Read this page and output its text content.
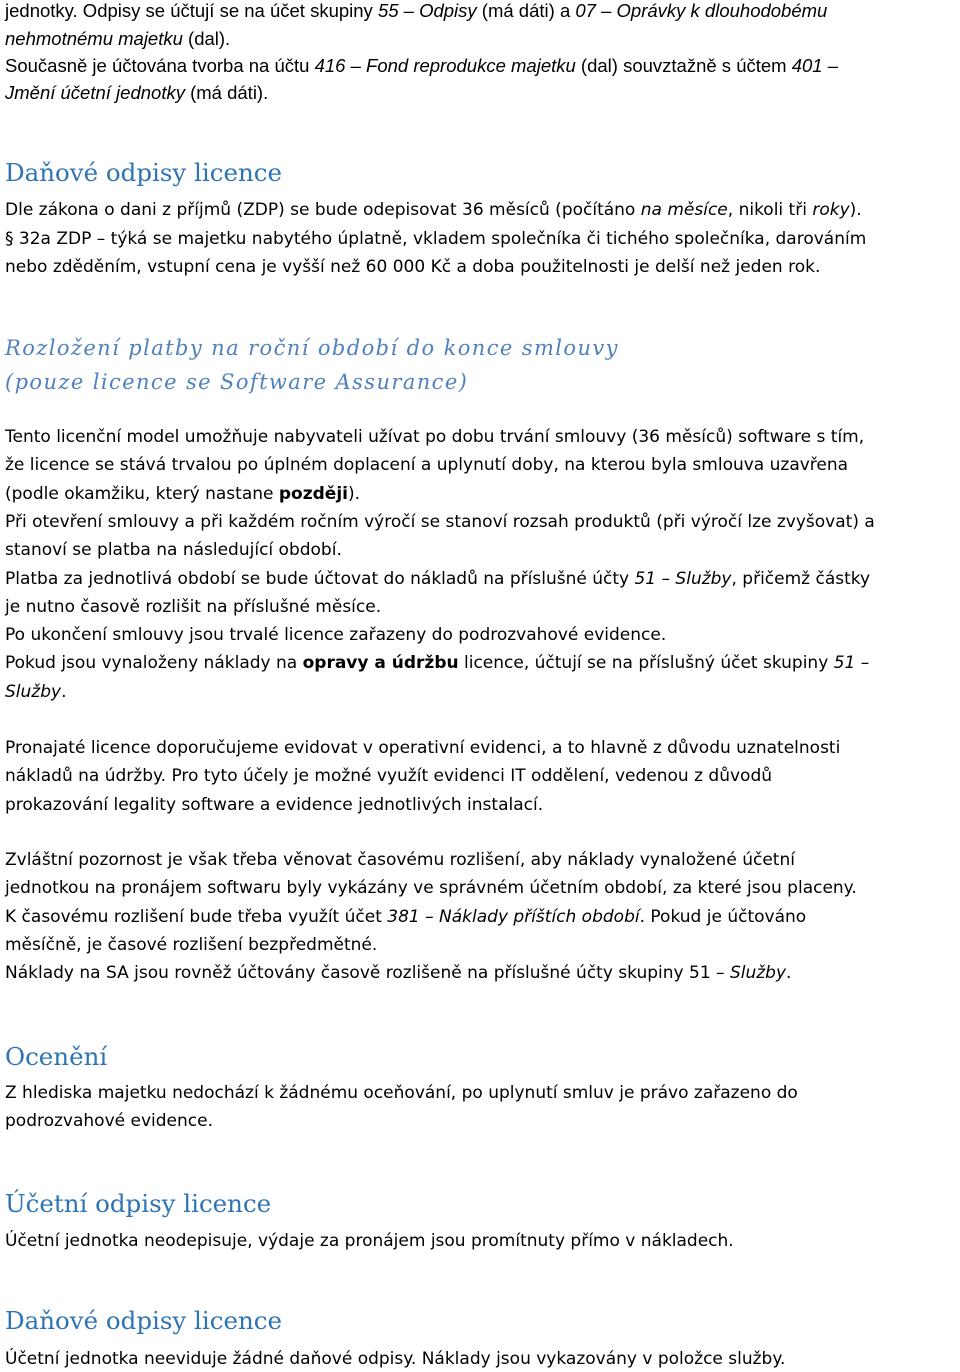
jednotky. Odpisy se účtují se na účet skupiny 55 – Odpisy (má dáti) a 07 – Oprávky k dlouhodobému
nehmotnému majetku (dal).
Současně je účtována tvorba na účtu 416 – Fond reprodukce majetku (dal) souvztažně s účtem 401 –
Jmění účetní jednotky (má dáti).
Daňové odpisy licence
Dle zákona o dani z příjmů (ZDP) se bude odepisovat 36 měsíců (počítáno na měsíce, nikoli tři roky).
§ 32a ZDP – týká se majetku nabytého úplatně, vkladem společníka či tichého společníka, darováním
nebo zděděním, vstupní cena je vyšší než 60 000 Kč a doba použitelnosti je delší než jeden rok.
Rozložení platby na roční období do konce smlouvy
(pouze licence se Software Assurance)
Tento licenční model umožňuje nabyvateli užívat po dobu trvání smlouvy (36 měsíců) software s tím,
že licence se stává trvalou po úplném doplacení a uplynutí doby, na kterou byla smlouva uzavřena
(podle okamžiku, který nastane později).
Při otevření smlouvy a při každém ročním výročí se stanoví rozsah produktů (při výročí lze zvyšovat) a
stanoví se platba na následující období.
Platba za jednotlivá období se bude účtovat do nákladů na příslušné účty 51 – Služby, přičemž částky
je nutno časově rozlišit na příslušné měsíce.
Po ukončení smlouvy jsou trvalé licence zařazeny do podrozvahové evidence.
Pokud jsou vynaloženy náklady na opravy a údržbu licence, účtují se na příslušný účet skupiny 51 –
Služby.
Pronajaté licence doporučujeme evidovat v operativní evidenci, a to hlavně z důvodu uznatelnosti
nákladů na údržby. Pro tyto účely je možné využít evidenci IT oddělení, vedenou z důvodů
prokazování legality software a evidence jednotlivých instalací.
Zvláštní pozornost je však třeba věnovat časovému rozlišení, aby náklady vynaložené účetní
jednotkou na pronájem softwaru byly vykázány ve správném účetním období, za které jsou placeny.
K časovému rozlišení bude třeba využít účet 381 – Náklady příštích období. Pokud je účtováno
měsíčně, je časové rozlišení bezpředmětné.
Náklady na SA jsou rovněž účtovány časově rozlišeně na příslušné účty skupiny 51 – Služby.
Ocenění
Z hlediska majetku nedochází k žádnému oceňování, po uplynutí smluv je právo zařazeno do
podrozvahové evidence.
Účetní odpisy licence
Účetní jednotka neodepisuje, výdaje za pronájem jsou promítnuty přímo v nákladech.
Daňové odpisy licence
Účetní jednotka neeviduje žádné daňové odpisy. Náklady jsou vykazovány v položce služby.
